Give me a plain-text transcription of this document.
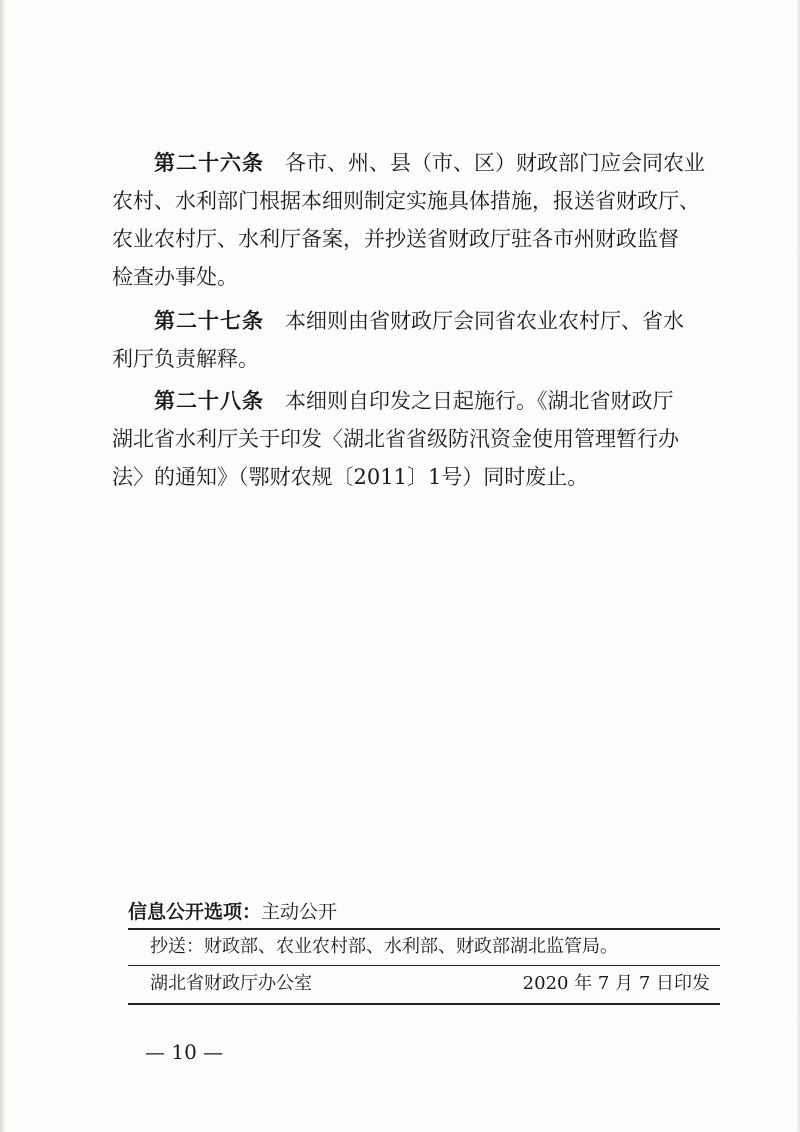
第二十六条　 各市、州、县（市、区）财政部门应会同农业

农村、水利部门根据本细则制定实施具体措施，报送省财政厅、

农业农村厅、水利厅备案，并抄送省财政厅驻各市州财政监督

检查办事处。

第二十七条　 本细则由省财政厅会同省农业农村厅、省水

利厅负责解释。

第二十八条　 本细则自印发之日起施行。《湖北省财政厅

湖北省水利厅关于印发〈湖北省省级防汛资金使用管理暂行办

法〉的通知》（鄂财农规〔2011〕1号）同时废止。

信息公开选项：主动公开
抄送：财政部、农业农村部、水利部、财政部湖北监管局。
湖北省财政厅办公室	2020 年 7 月 7 日印发
— 10 —
